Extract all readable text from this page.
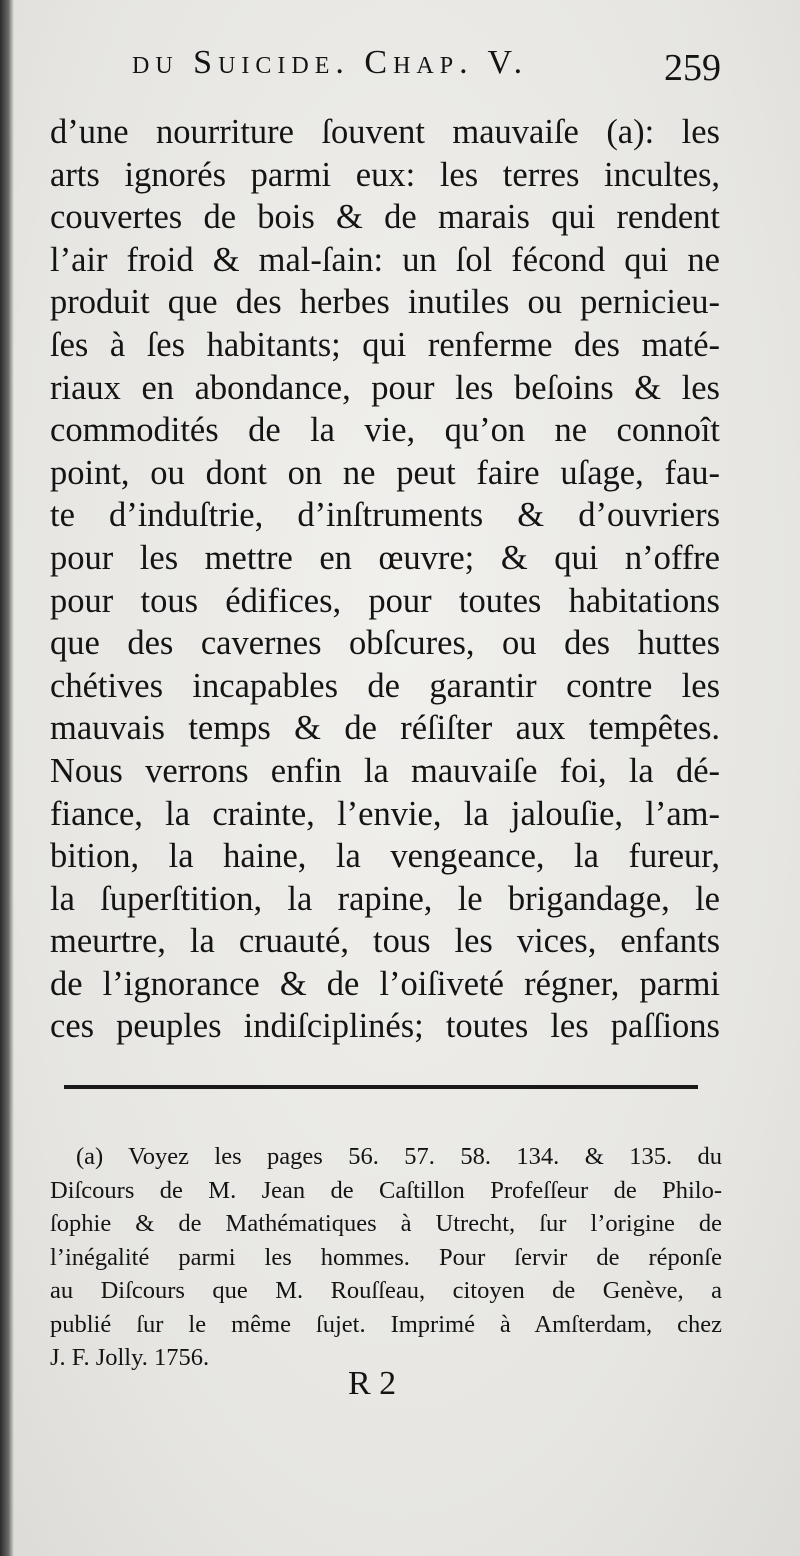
du Suicide. Chap. V.	259
d’une nourriture ſouvent mauvaiſe (a): les
arts ignorés parmi eux: les terres incultes,
couvertes de bois & de marais qui rendent
l’air froid & mal-ſain: un ſol fécond qui ne
produit que des herbes inutiles ou pernicieu-
ſes à ſes habitants; qui renferme des maté-
riaux en abondance, pour les beſoins & les
commodités de la vie, qu’on ne connoît
point, ou dont on ne peut faire uſage, fau-
te d’induſtrie, d’inſtruments & d’ouvriers
pour les mettre en œuvre; & qui n’offre
pour tous édifices, pour toutes habitations
que des cavernes obſcures, ou des huttes
chétives incapables de garantir contre les
mauvais temps & de réſiſter aux tempêtes.
Nous verrons enfin la mauvaiſe foi, la dé-
fiance, la crainte, l’envie, la jalouſie, l’am-
bition, la haine, la vengeance, la fureur,
la ſuperſtition, la rapine, le brigandage, le
meurtre, la cruauté, tous les vices, enfants
de l’ignorance & de l’oiſiveté régner, parmi
ces peuples indiſciplinés; toutes les paſſions
(a) Voyez les pages 56. 57. 58. 134. & 135. du
Diſcours de M. Jean de Caſtillon Profeſſeur de Philo-
ſophie & de Mathématiques à Utrecht, ſur l’origine de
l’inégalité parmi les hommes. Pour ſervir de réponſe
au Diſcours que M. Rouſſeau, citoyen de Genève, a
publié ſur le même ſujet. Imprimé à Amſterdam, chez
J. F. Jolly. 1756.
R 2
